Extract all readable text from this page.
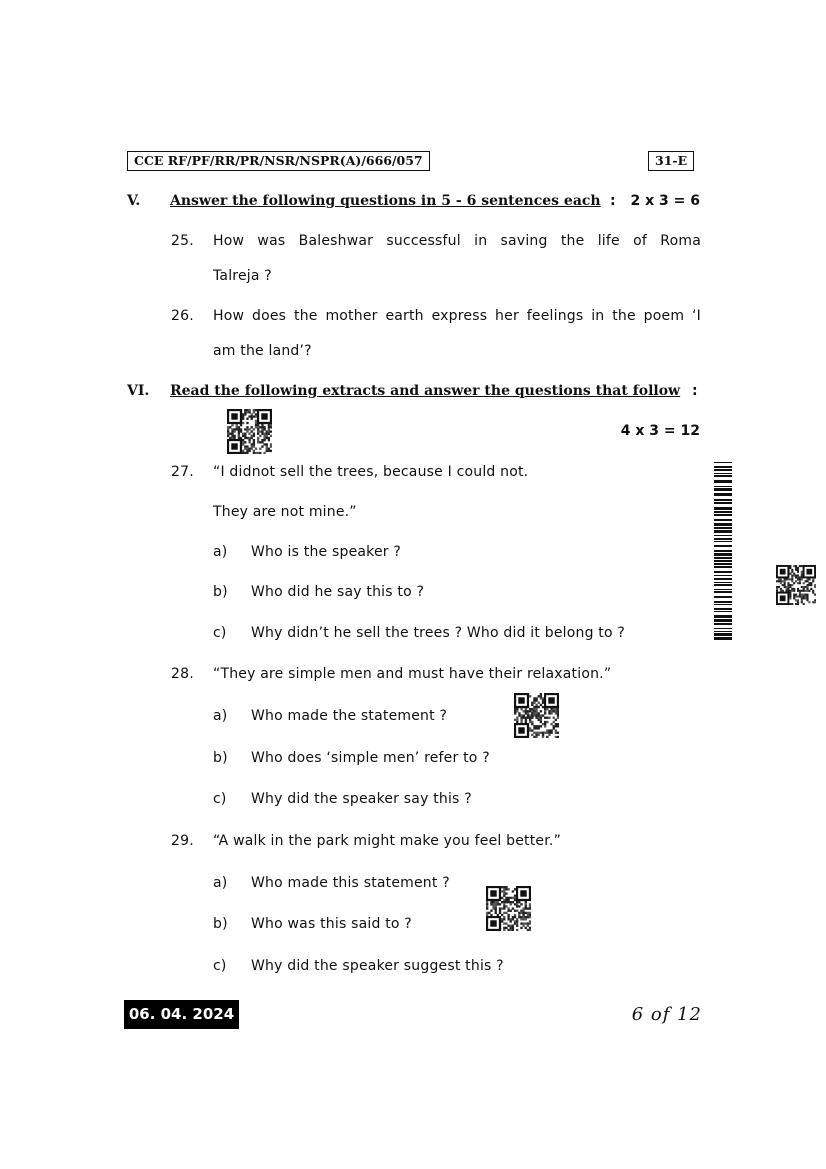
CCE RF/PF/RR/PR/NSR/NSPR(A)/666/057	31-E
V. Answer the following questions in 5 - 6 sentences each : 2 x 3 = 6
25. How was Baleshwar successful in saving the life of Roma
Talreja ?
26. How does the mother earth express her feelings in the poem ‘I
am the land’?
VI. Read the following extracts and answer the questions that follow :
4 x 3 = 12
27. “I didnot sell the trees, because I could not.
They are not mine.”
a) Who is the speaker ?
b) Who did he say this to ?
c) Why didn’t he sell the trees ? Who did it belong to ?
28. “They are simple men and must have their relaxation.”
a) Who made the statement ?
b) Who does ‘simple men’ refer to ?
c) Why did the speaker say this ?
29. “A walk in the park might make you feel better.”
a) Who made this statement ?
b) Who was this said to ?
c) Why did the speaker suggest this ?
06. 04. 2024	6 of 12
